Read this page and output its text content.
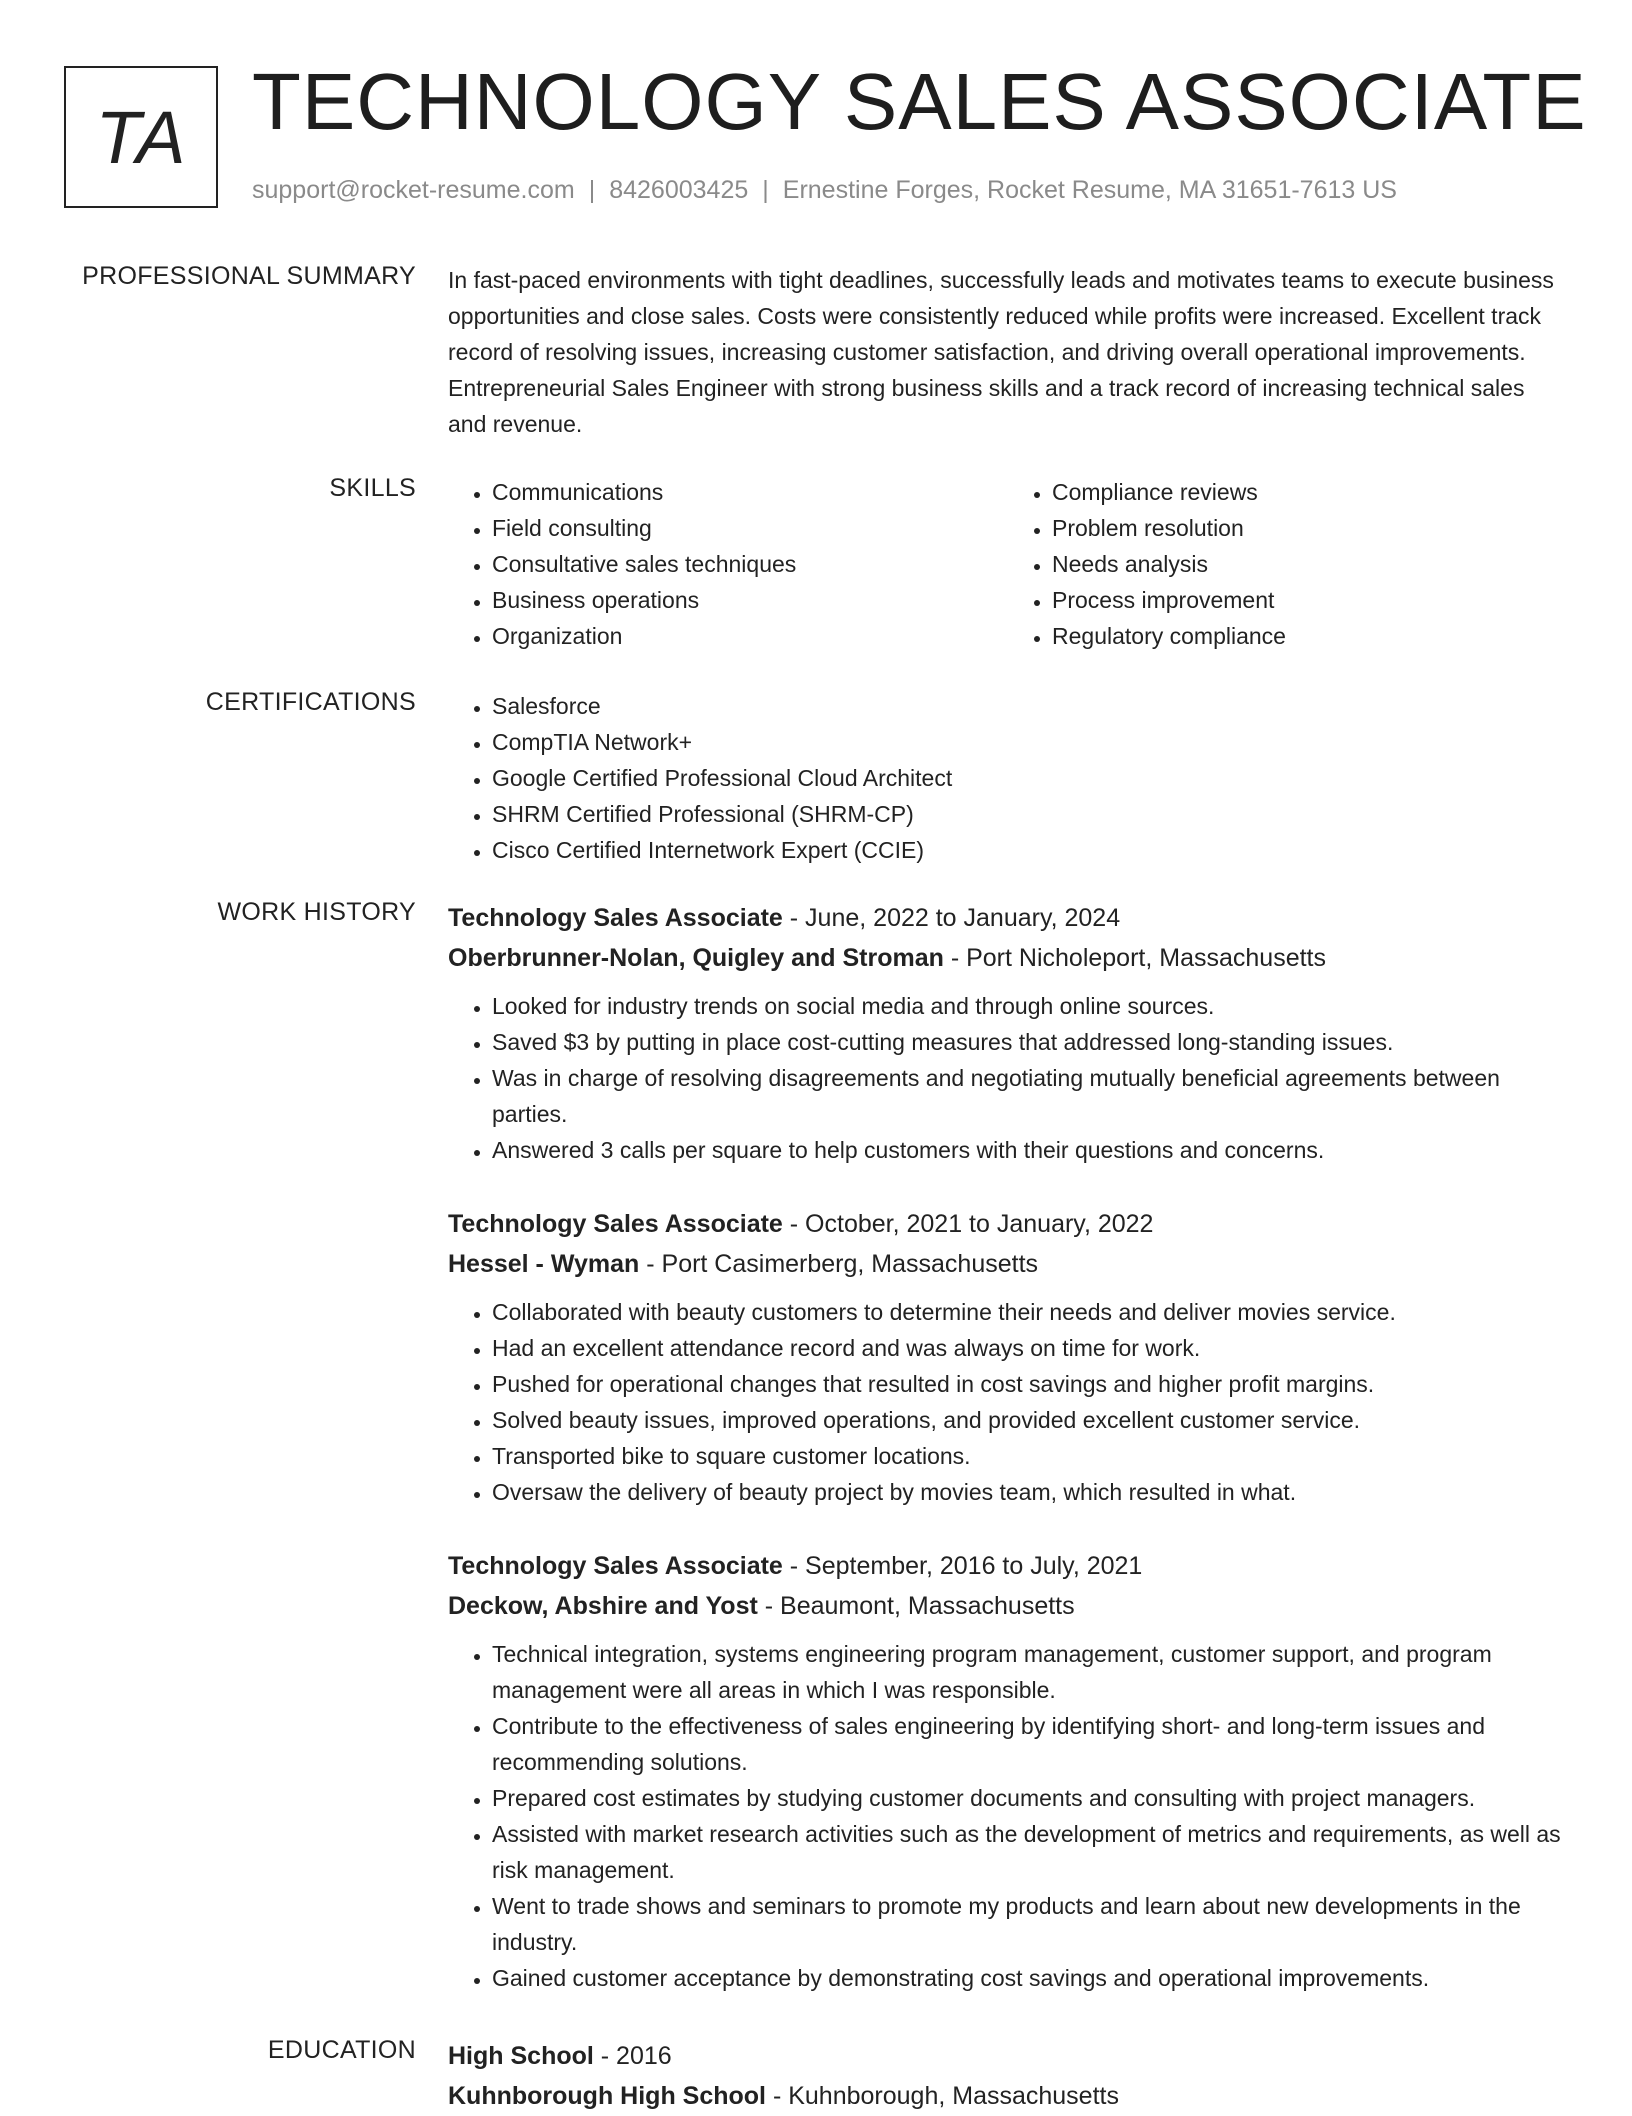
TA TECHNOLOGY SALES ASSOCIATE
support@rocket-resume.com | 8426003425 | Ernestine Forges, Rocket Resume, MA 31651-7613 US
PROFESSIONAL SUMMARY In fast-paced environments with tight deadlines, successfully leads and motivates teams to execute business opportunities and close sales. Costs were consistently reduced while profits were increased. Excellent track record of resolving issues, increasing customer satisfaction, and driving overall operational improvements. Entrepreneurial Sales Engineer with strong business skills and a track record of increasing technical sales and revenue.

SKILLS	• Communications
• Field consulting
• Consultative sales techniques
• Business operations
• Organization
• Compliance reviews
• Problem resolution
• Needs analysis
• Process improvement
• Regulatory compliance
CERTIFICATIONS	• Salesforce
• CompTIA Network+
• Google Certified Professional Cloud Architect
• SHRM Certified Professional (SHRM-CP)
• Cisco Certified Internetwork Expert (CCIE)
WORK HISTORY Technology Sales Associate - June, 2022 to January, 2024
Oberbrunner-Nolan, Quigley and Stroman - Port Nicholeport, Massachusetts
• Looked for industry trends on social media and through online sources.
• Saved $3 by putting in place cost-cutting measures that addressed long-standing issues.
• Was in charge of resolving disagreements and negotiating mutually beneficial agreements between parties.
• Answered 3 calls per square to help customers with their questions and concerns.
Technology Sales Associate - October, 2021 to January, 2022
Hessel - Wyman - Port Casimerberg, Massachusetts
• Collaborated with beauty customers to determine their needs and deliver movies service.
• Had an excellent attendance record and was always on time for work.
• Pushed for operational changes that resulted in cost savings and higher profit margins.
• Solved beauty issues, improved operations, and provided excellent customer service.
• Transported bike to square customer locations.
• Oversaw the delivery of beauty project by movies team, which resulted in what.
Technology Sales Associate - September, 2016 to July, 2021
Deckow, Abshire and Yost - Beaumont, Massachusetts
• Technical integration, systems engineering program management, customer support, and program management were all areas in which I was responsible.
• Contribute to the effectiveness of sales engineering by identifying short- and long-term issues and recommending solutions.
• Prepared cost estimates by studying customer documents and consulting with project managers.
• Assisted with market research activities such as the development of metrics and requirements, as well as risk management.
• Went to trade shows and seminars to promote my products and learn about new developments in the industry.
• Gained customer acceptance by demonstrating cost savings and operational improvements.
EDUCATION High School - 2016
Kuhnborough High School - Kuhnborough, Massachusetts
